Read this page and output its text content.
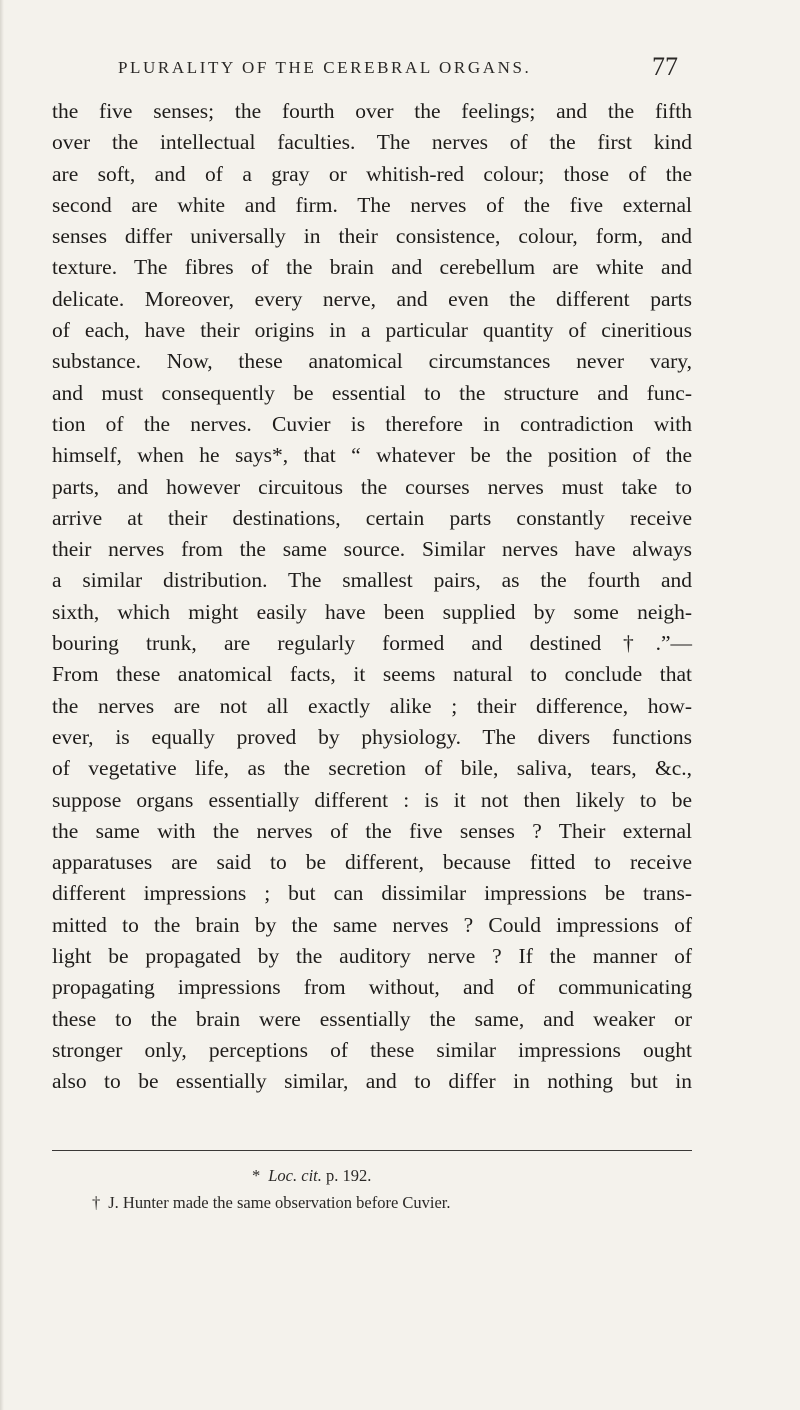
PLURALITY OF THE CEREBRAL ORGANS.	77
the five senses; the fourth over the feelings; and the fifth
over the intellectual faculties. The nerves of the first kind
are soft, and of a gray or whitish-red colour; those of the
second are white and firm. The nerves of the five external
senses differ universally in their consistence, colour, form, and
texture. The fibres of the brain and cerebellum are white and
delicate. Moreover, every nerve, and even the different parts
of each, have their origins in a particular quantity of cineritious
substance. Now, these anatomical circumstances never vary,
and must consequently be essential to the structure and func-
tion of the nerves. Cuvier is therefore in contradiction with
himself, when he says*, that “ whatever be the position of the
parts, and however circuitous the courses nerves must take to
arrive at their destinations, certain parts constantly receive
their nerves from the same source. Similar nerves have always
a similar distribution. The smallest pairs, as the fourth and
sixth, which might easily have been supplied by some neigh-
bouring trunk, are regularly formed and destined†.”—
From these anatomical facts, it seems natural to conclude that
the nerves are not all exactly alike ; their difference, how-
ever, is equally proved by physiology. The divers functions
of vegetative life, as the secretion of bile, saliva, tears, &c.,
suppose organs essentially different : is it not then likely to be
the same with the nerves of the five senses ? Their external
apparatuses are said to be different, because fitted to receive
different impressions ; but can dissimilar impressions be trans-
mitted to the brain by the same nerves ? Could impressions of
light be propagated by the auditory nerve ? If the manner of
propagating impressions from without, and of communicating
these to the brain were essentially the same, and weaker or
stronger only, perceptions of these similar impressions ought
also to be essentially similar, and to differ in nothing but in
* Loc. cit. p. 192.
† J. Hunter made the same observation before Cuvier.
